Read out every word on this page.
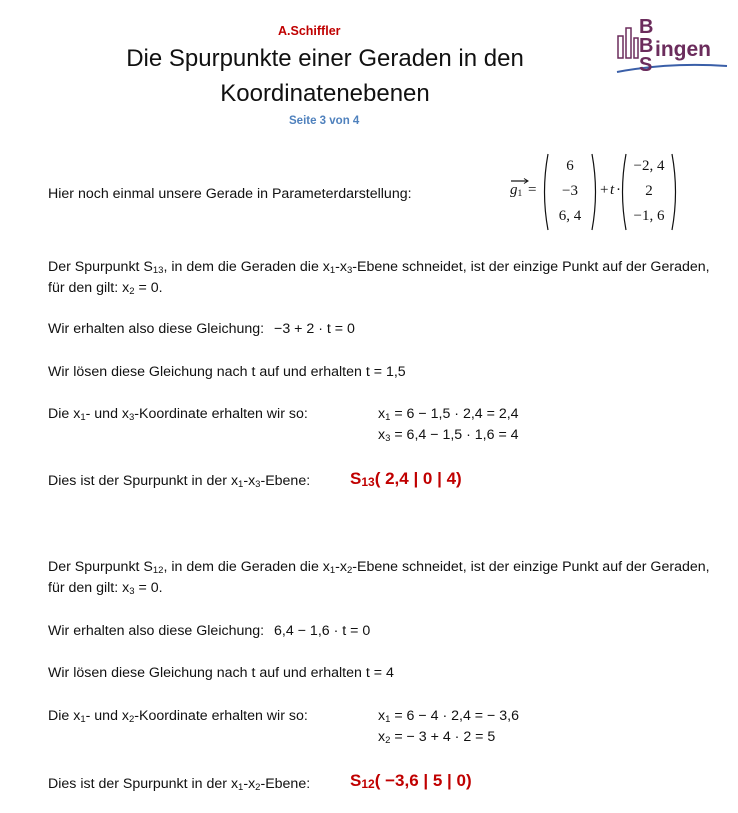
A.Schiffler
Die Spurpunkte einer Geraden in den
Koordinatenebenen
Seite 3 von 4
B
B
S
ingen
Hier noch einmal unsere Gerade in Parameterdarstellung:	$g_1$ =
6
−3
6, 4
+ t ·
−2, 4
2
−1, 6
Der Spurpunkt $S_{13}$, in dem die Geraden die $x_1-x_3$-Ebene schneidet, ist der einzige Punkt auf der Geraden, für den gilt: $x_2 = 0$.
Wir erhalten also diese Gleichung: −3 + 2 · t = 0
Wir lösen diese Gleichung nach t auf und erhalten t = 1,5
Die $x_1-$ und $x_3$-Koordinate erhalten wir so:	$x_1 = 6 - 1,5 \cdot 2,4 = 2,4$
$x_3 = 6,4 - 1,5 \cdot 1,6 = 4$
Dies ist der Spurpunkt in der $x_1-x_3$-Ebene: $S_{13}$( 2,4 | 0 | 4)
Der Spurpunkt $S_{12}$, in dem die Geraden die $x_1-x_2$-Ebene schneidet, ist der einzige Punkt auf der Geraden, für den gilt: $x_3 = 0$.
Wir erhalten also diese Gleichung: 6,4 − 1,6 · t = 0
Wir lösen diese Gleichung nach t auf und erhalten t = 4
Die $x_1-$ und $x_2$-Koordinate erhalten wir so:	$x_1 = 6 - 4 \cdot 2,4$ = − 3,6
$x_2$ = − 3 + 4 · 2 = 5
Dies ist der Spurpunkt in der $x_1-x_2$-Ebene: $S_{12}( -3,6$ | 5 | 0)
